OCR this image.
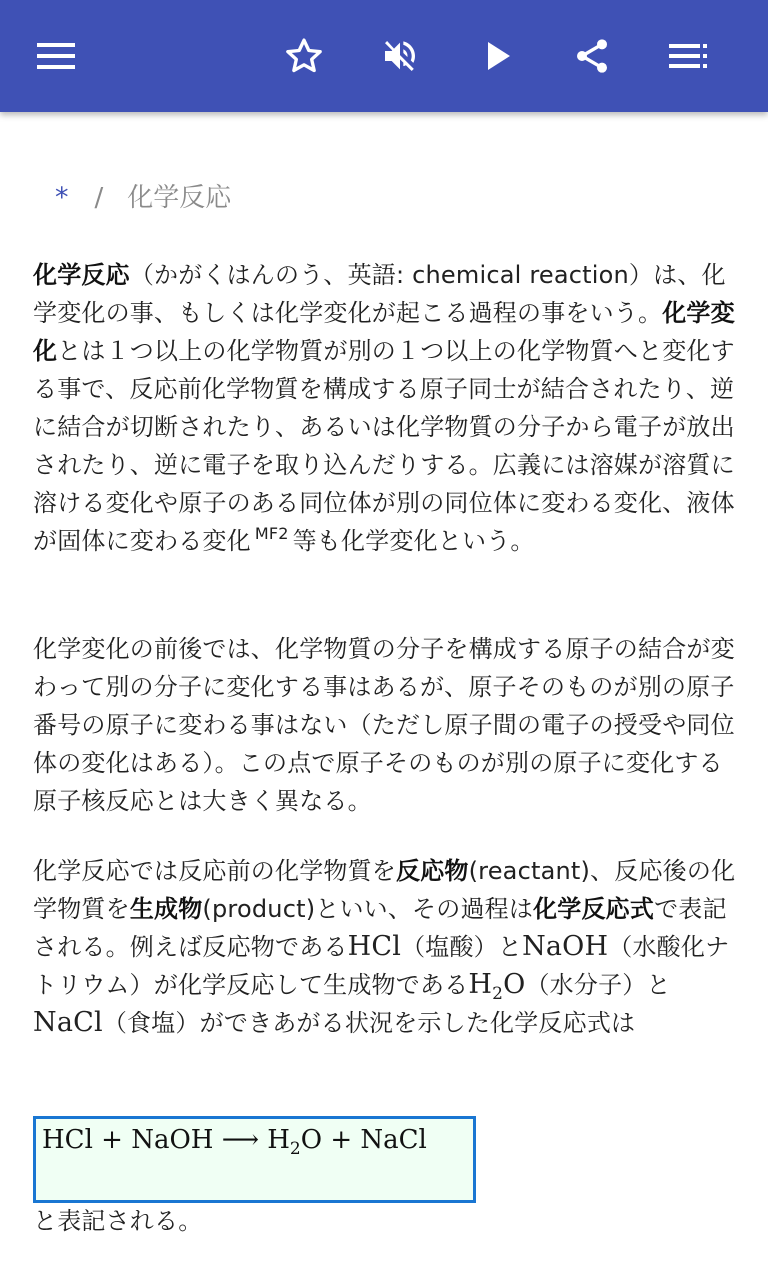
* / 化学反応
化学反応（かがくはんのう、英語: chemical reaction）は、化学変化の事、もしくは化学変化が起こる過程の事をいう。化学変化とは１つ以上の化学物質が別の１つ以上の化学物質へと変化する事で、反応前化学物質を構成する原子同士が結合されたり、逆に結合が切断されたり、あるいは化学物質の分子から電子が放出されたり、逆に電子を取り込んだりする。広義には溶媒が溶質に溶ける変化や原子のある同位体が別の同位体に変わる変化、液体が固体に変わる変化 $^{MF2}$ 等も化学変化という。
化学変化の前後では、化学物質の分子を構成する原子の結合が変わって別の分子に変化する事はあるが、原子そのものが別の原子番号の原子に変わる事はない（ただし原子間の電子の授受や同位体の変化はある）。この点で原子そのものが別の原子に変化する原子核反応とは大きく異なる。
化学反応では反応前の化学物質を反応物(reactant)、反応後の化学物質を生成物(product)といい、その過程は化学反応式で表記される。例えば反応物であるHCl（塩酸）とNaOH（水酸化ナトリウム）が化学反応して生成物である$H_2O$（水分子）とNaCl（食塩）ができあがる状況を示した化学反応式は
HCl + NaOH ⟶ $H_2O$ + NaCl
と表記される。
